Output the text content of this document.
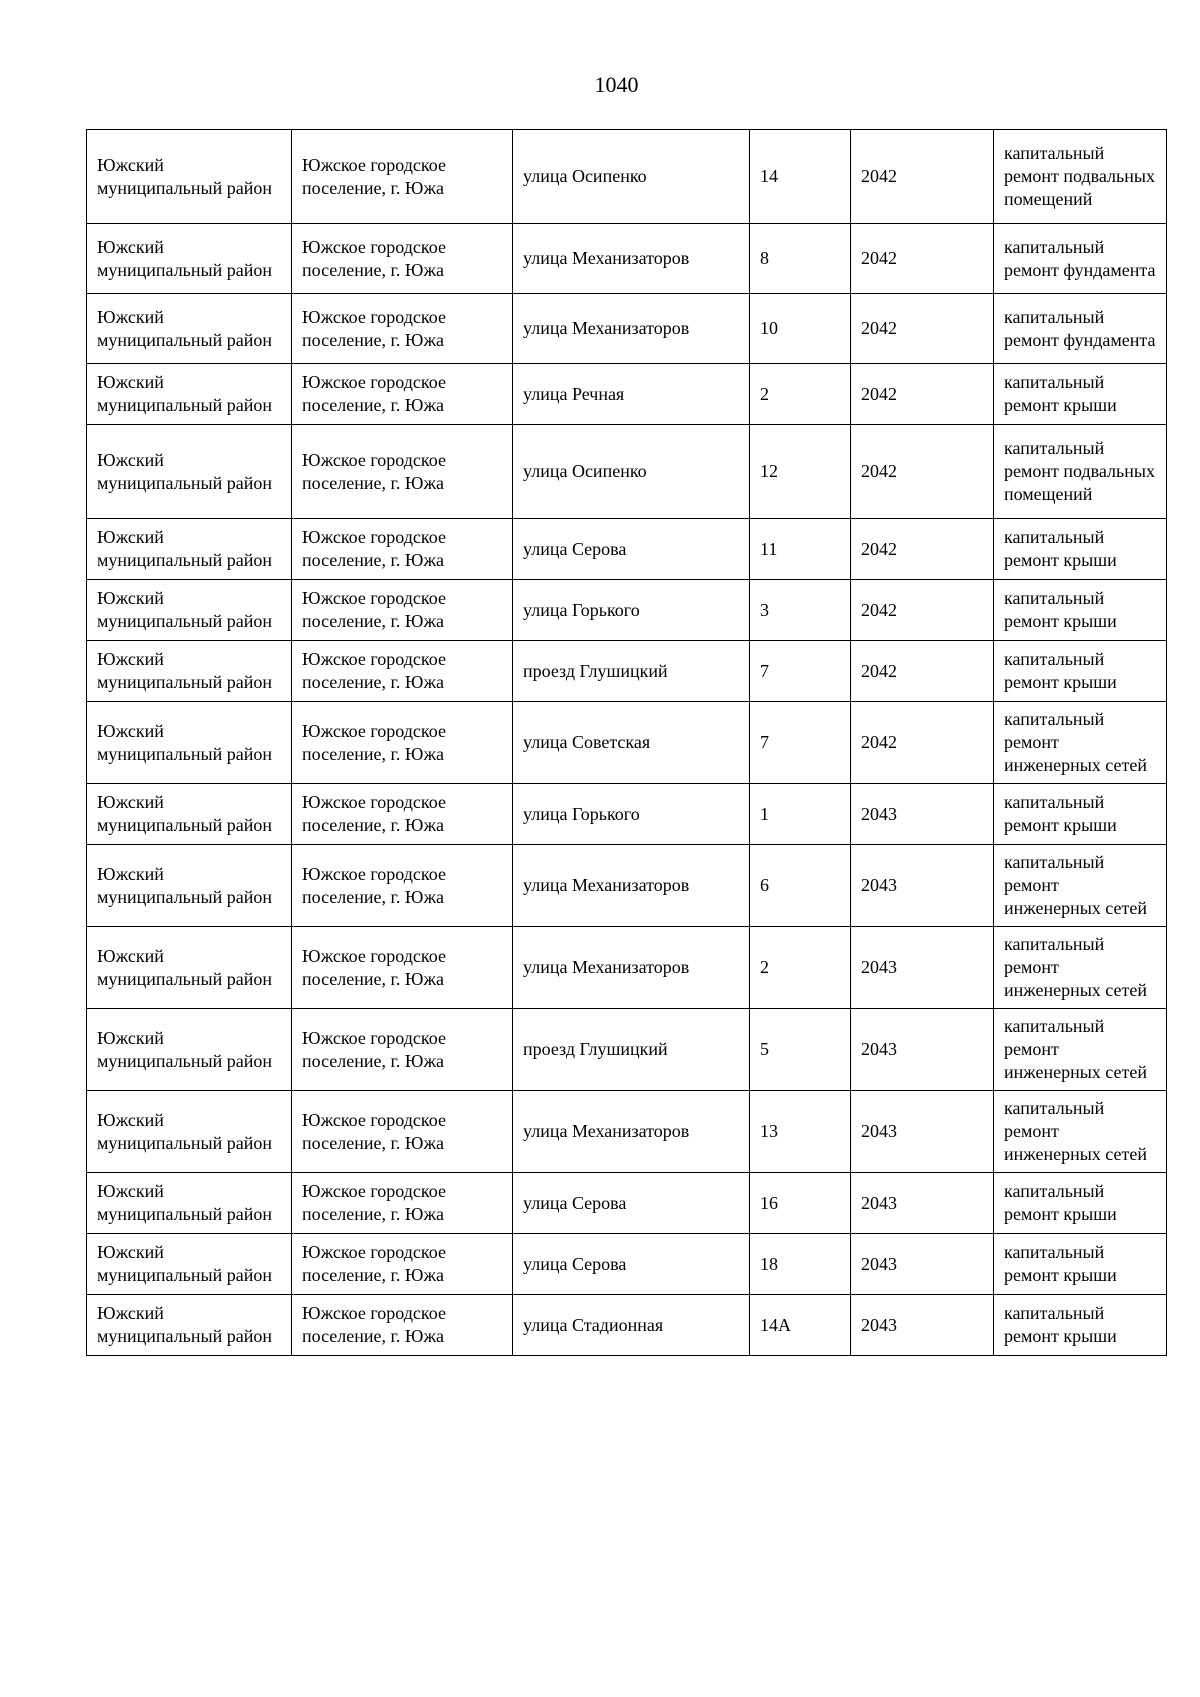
1040
Южский муниципальный район	Южское городское поселение, г. Южа	улица Осипенко	14	2042	капитальный ремонт подвальных помещений
Южский муниципальный район	Южское городское поселение, г. Южа	улица Механизаторов	8	2042	капитальный ремонт фундамента
Южский муниципальный район	Южское городское поселение, г. Южа	улица Механизаторов	10	2042	капитальный ремонт фундамента
Южский муниципальный район	Южское городское поселение, г. Южа	улица Речная	2	2042	капитальный ремонт крыши
Южский муниципальный район	Южское городское поселение, г. Южа	улица Осипенко	12	2042	капитальный ремонт подвальных помещений
Южский муниципальный район	Южское городское поселение, г. Южа	улица Серова	11	2042	капитальный ремонт крыши
Южский муниципальный район	Южское городское поселение, г. Южа	улица Горького	3	2042	капитальный ремонт крыши
Южский муниципальный район	Южское городское поселение, г. Южа	проезд Глушицкий	7	2042	капитальный ремонт крыши
Южский муниципальный район	Южское городское поселение, г. Южа	улица Советская	7	2042	капитальный ремонт инженерных сетей
Южский муниципальный район	Южское городское поселение, г. Южа	улица Горького	1	2043	капитальный ремонт крыши
Южский муниципальный район	Южское городское поселение, г. Южа	улица Механизаторов	6	2043	капитальный ремонт инженерных сетей
Южский муниципальный район	Южское городское поселение, г. Южа	улица Механизаторов	2	2043	капитальный ремонт инженерных сетей
Южский муниципальный район	Южское городское поселение, г. Южа	проезд Глушицкий	5	2043	капитальный ремонт инженерных сетей
Южский муниципальный район	Южское городское поселение, г. Южа	улица Механизаторов	13	2043	капитальный ремонт инженерных сетей
Южский муниципальный район	Южское городское поселение, г. Южа	улица Серова	16	2043	капитальный ремонт крыши
Южский муниципальный район	Южское городское поселение, г. Южа	улица Серова	18	2043	капитальный ремонт крыши
Южский муниципальный район	Южское городское поселение, г. Южа	улица Стадионная	14А	2043	капитальный ремонт крыши
